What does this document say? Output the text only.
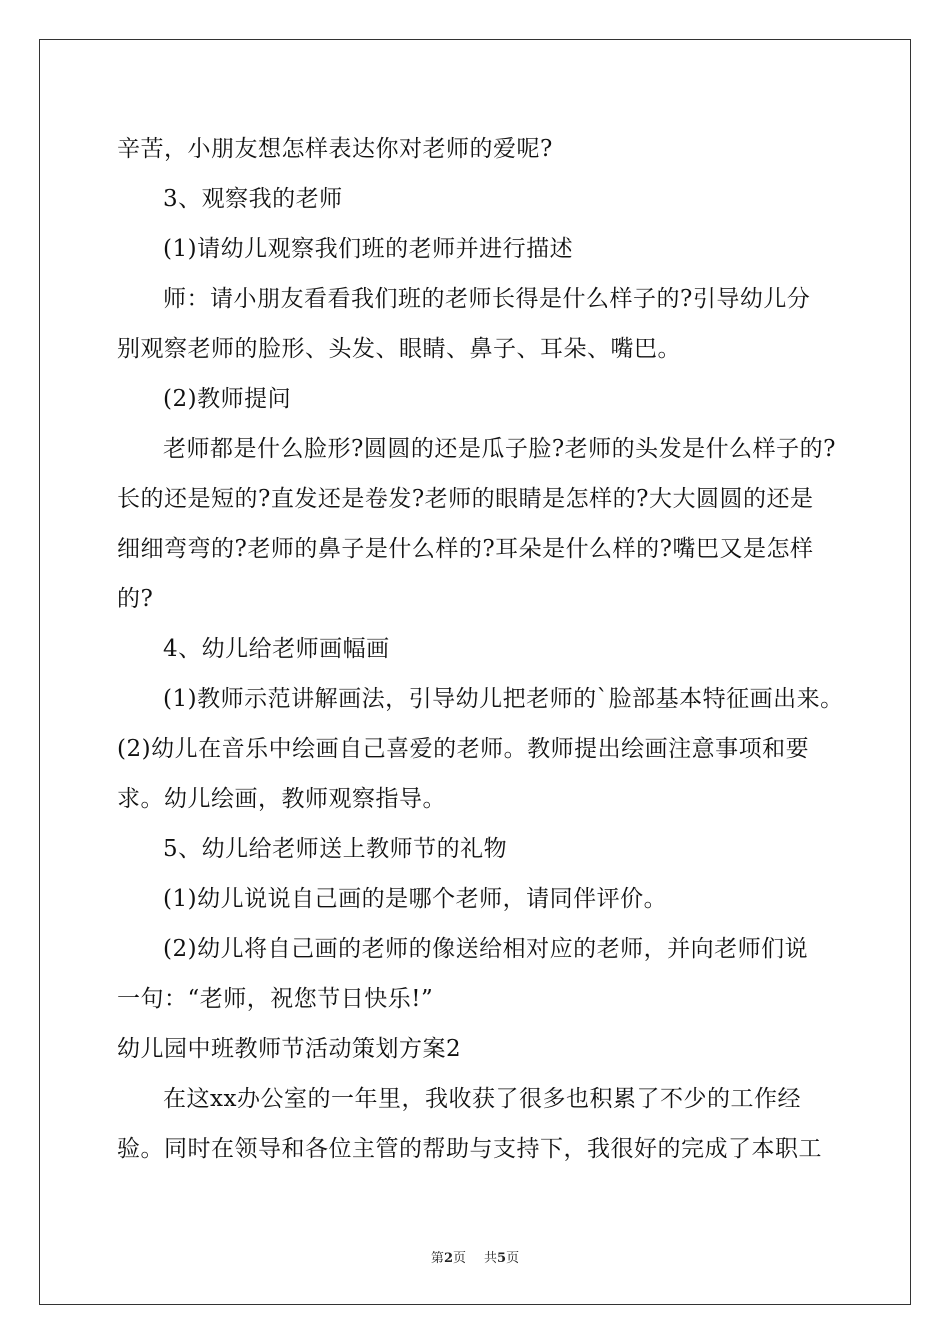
辛苦，小朋友想怎样表达你对老师的爱呢?
3、观察我的老师
(1)请幼儿观察我们班的老师并进行描述
师：请小朋友看看我们班的老师长得是什么样子的?引导幼儿分
别观察老师的脸形、头发、眼睛、鼻子、耳朵、嘴巴。
(2)教师提问
老师都是什么脸形?圆圆的还是瓜子脸?老师的头发是什么样子的?
长的还是短的?直发还是卷发?老师的眼睛是怎样的?大大圆圆的还是
细细弯弯的?老师的鼻子是什么样的?耳朵是什么样的?嘴巴又是怎样
的?
4、幼儿给老师画幅画
(1)教师示范讲解画法，引导幼儿把老师的`脸部基本特征画出来。
(2)幼儿在音乐中绘画自己喜爱的老师。教师提出绘画注意事项和要
求。幼儿绘画，教师观察指导。
5、幼儿给老师送上教师节的礼物
(1)幼儿说说自己画的是哪个老师，请同伴评价。
(2)幼儿将自己画的老师的像送给相对应的老师，并向老师们说
一句：“老师，祝您节日快乐!”
幼儿园中班教师节活动策划方案2
在这xx办公室的一年里，我收获了很多也积累了不少的工作经
验。同时在领导和各位主管的帮助与支持下，我很好的完成了本职工
第2页 共5页
